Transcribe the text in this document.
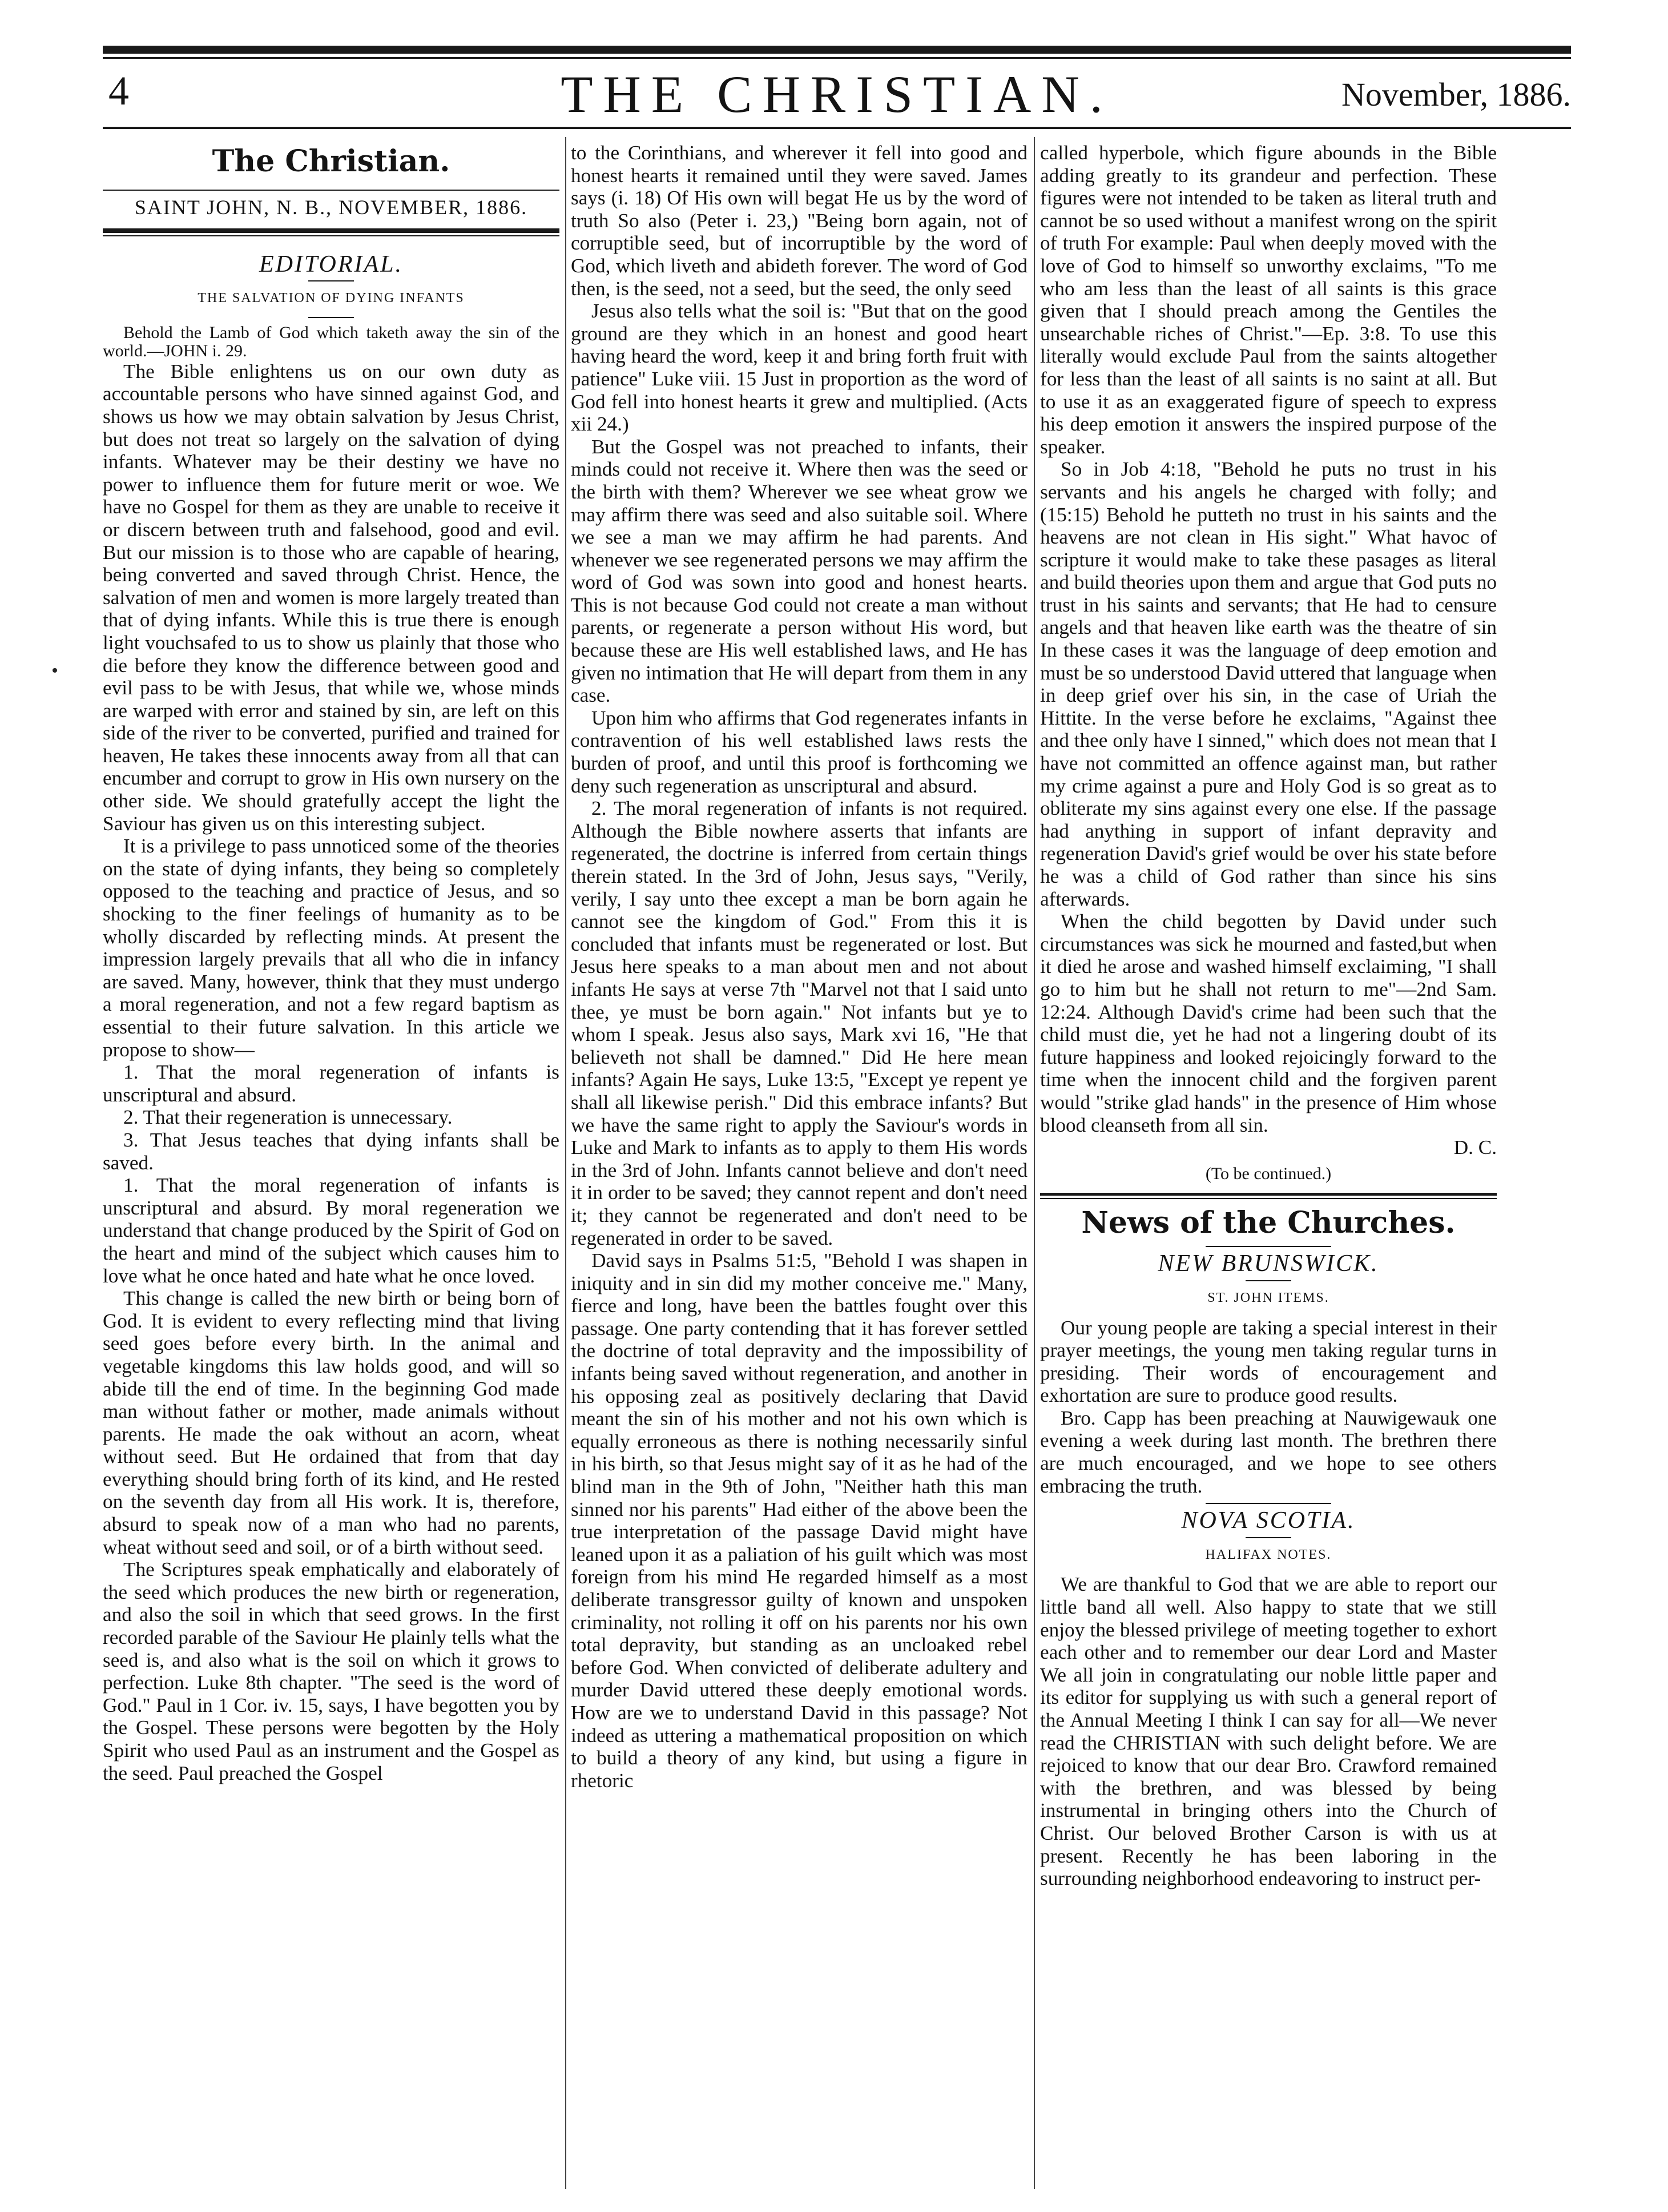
4	THE CHRISTIAN.	November, 1886.
The Christian.
SAINT JOHN, N. B., NOVEMBER, 1886.
EDITORIAL.
THE SALVATION OF DYING INFANTS

Behold the Lamb of God which taketh away the sin of the world.—JOHN i. 29.

The Bible enlightens us on our own duty as accountable persons who have sinned against God, and shows us how we may obtain salvation by Jesus Christ, but does not treat so largely on the salvation of dying infants. Whatever may be their destiny we have no power to influence them for future merit or woe. We have no Gospel for them as they are unable to receive it or discern between truth and falsehood, good and evil. But our mission is to those who are capable of hearing, being converted and saved through Christ. Hence, the salvation of men and women is more largely treated than that of dying infants. While this is true there is enough light vouchsafed to us to show us plainly that those who die before they know the difference between good and evil pass to be with Jesus, that while we, whose minds are warped with error and stained by sin, are left on this side of the river to be converted, purified and trained for heaven, He takes these innocents away from all that can encumber and corrupt to grow in His own nursery on the other side. We should gratefully accept the light the Saviour has given us on this interesting subject.

It is a privilege to pass unnoticed some of the theories on the state of dying infants, they being so completely opposed to the teaching and practice of Jesus, and so shocking to the finer feelings of humanity as to be wholly discarded by reflecting minds. At present the impression largely prevails that all who die in infancy are saved. Many, however, think that they must undergo a moral regeneration, and not a few regard baptism as essential to their future salvation. In this article we propose to show—

1. That the moral regeneration of infants is unscriptural and absurd.

2. That their regeneration is unnecessary.

3. That Jesus teaches that dying infants shall be saved.

1. That the moral regeneration of infants is unscriptural and absurd. By moral regeneration we understand that change produced by the Spirit of God on the heart and mind of the subject which causes him to love what he once hated and hate what he once loved.

This change is called the new birth or being born of God. It is evident to every reflecting mind that living seed goes before every birth. In the animal and vegetable kingdoms this law holds good, and will so abide till the end of time. In the beginning God made man without father or mother, made animals without parents. He made the oak without an acorn, wheat without seed. But He ordained that from that day everything should bring forth of its kind, and He rested on the seventh day from all His work. It is, therefore, absurd to speak now of a man who had no parents, wheat without seed and soil, or of a birth without seed.

The Scriptures speak emphatically and elaborately of the seed which produces the new birth or regeneration, and also the soil in which that seed grows. In the first recorded parable of the Saviour He plainly tells what the seed is, and also what is the soil on which it grows to perfection. Luke 8th chapter. "The seed is the word of God." Paul in 1 Cor. iv. 15, says, I have begotten you by the Gospel. These persons were begotten by the Holy Spirit who used Paul as an instrument and the Gospel as the seed. Paul preached the Gospel

to the Corinthians, and wherever it fell into good and honest hearts it remained until they were saved. James says (i. 18) Of His own will begat He us by the word of truth So also (Peter i. 23,) "Being born again, not of corruptible seed, but of incorruptible by the word of God, which liveth and abideth forever. The word of God then, is the seed, not a seed, but the seed, the only seed

Jesus also tells what the soil is: "But that on the good ground are they which in an honest and good heart having heard the word, keep it and bring forth fruit with patience" Luke viii. 15 Just in proportion as the word of God fell into honest hearts it grew and multiplied. (Acts xii 24.)

But the Gospel was not preached to infants, their minds could not receive it. Where then was the seed or the birth with them? Wherever we see wheat grow we may affirm there was seed and also suitable soil. Where we see a man we may affirm he had parents. And whenever we see regenerated persons we may affirm the word of God was sown into good and honest hearts. This is not because God could not create a man without parents, or regenerate a person without His word, but because these are His well established laws, and He has given no intimation that He will depart from them in any case.

Upon him who affirms that God regenerates infants in contravention of his well established laws rests the burden of proof, and until this proof is forthcoming we deny such regeneration as unscriptural and absurd.

2. The moral regeneration of infants is not required. Although the Bible nowhere asserts that infants are regenerated, the doctrine is inferred from certain things therein stated. In the 3rd of John, Jesus says, "Verily, verily, I say unto thee except a man be born again he cannot see the kingdom of God." From this it is concluded that infants must be regenerated or lost. But Jesus here speaks to a man about men and not about infants He says at verse 7th "Marvel not that I said unto thee, ye must be born again." Not infants but ye to whom I speak. Jesus also says, Mark xvi 16, "He that believeth not shall be damned." Did He here mean infants? Again He says, Luke 13:5, "Except ye repent ye shall all likewise perish." Did this embrace infants? But we have the same right to apply the Saviour's words in Luke and Mark to infants as to apply to them His words in the 3rd of John. Infants cannot believe and don't need it in order to be saved; they cannot repent and don't need it; they cannot be regenerated and don't need to be regenerated in order to be saved.

David says in Psalms 51:5, "Behold I was shapen in iniquity and in sin did my mother conceive me." Many, fierce and long, have been the battles fought over this passage. One party contending that it has forever settled the doctrine of total depravity and the impossibility of infants being saved without regeneration, and another in his opposing zeal as positively declaring that David meant the sin of his mother and not his own which is equally erroneous as there is nothing necessarily sinful in his birth, so that Jesus might say of it as he had of the blind man in the 9th of John, "Neither hath this man sinned nor his parents" Had either of the above been the true interpretation of the passage David might have leaned upon it as a paliation of his guilt which was most foreign from his mind He regarded himself as a most deliberate transgressor guilty of known and unspoken criminality, not rolling it off on his parents nor his own total depravity, but standing as an uncloaked rebel before God. When convicted of deliberate adultery and murder David uttered these deeply emotional words. How are we to understand David in this passage? Not indeed as uttering a mathematical proposition on which to build a theory of any kind, but using a figure in rhetoric

called hyperbole, which figure abounds in the Bible adding greatly to its grandeur and perfection. These figures were not intended to be taken as literal truth and cannot be so used without a manifest wrong on the spirit of truth For example: Paul when deeply moved with the love of God to himself so unworthy exclaims, "To me who am less than the least of all saints is this grace given that I should preach among the Gentiles the unsearchable riches of Christ."—Ep. 3:8. To use this literally would exclude Paul from the saints altogether for less than the least of all saints is no saint at all. But to use it as an exaggerated figure of speech to express his deep emotion it answers the inspired purpose of the speaker.

So in Job 4:18, "Behold he puts no trust in his servants and his angels he charged with folly; and (15:15) Behold he putteth no trust in his saints and the heavens are not clean in His sight." What havoc of scripture it would make to take these pasages as literal and build theories upon them and argue that God puts no trust in his saints and servants; that He had to censure angels and that heaven like earth was the theatre of sin In these cases it was the language of deep emotion and must be so understood David uttered that language when in deep grief over his sin, in the case of Uriah the Hittite. In the verse before he exclaims, "Against thee and thee only have I sinned," which does not mean that I have not committed an offence against man, but rather my crime against a pure and Holy God is so great as to obliterate my sins against every one else. If the passage had anything in support of infant depravity and regeneration David's grief would be over his state before he was a child of God rather than since his sins afterwards.

When the child begotten by David under such circumstances was sick he mourned and fasted,but when it died he arose and washed himself exclaiming, "I shall go to him but he shall not return to me"—2nd Sam. 12:24. Although David's crime had been such that the child must die, yet he had not a lingering doubt of its future happiness and looked rejoicingly forward to the time when the innocent child and the forgiven parent would "strike glad hands" in the presence of Him whose blood cleanseth from all sin.

D. C.
(To be continued.)
News of the Churches.
NEW BRUNSWICK.
ST. JOHN ITEMS.

Our young people are taking a special interest in their prayer meetings, the young men taking regular turns in presiding. Their words of encouragement and exhortation are sure to produce good results.

Bro. Capp has been preaching at Nauwigewauk one evening a week during last month. The brethren there are much encouraged, and we hope to see others embracing the truth.

NOVA SCOTIA.
HALIFAX NOTES.

We are thankful to God that we are able to report our little band all well. Also happy to state that we still enjoy the blessed privilege of meeting together to exhort each other and to remember our dear Lord and Master We all join in congratulating our noble little paper and its editor for supplying us with such a general report of the Annual Meeting I think I can say for all—We never read the CHRISTIAN with such delight before. We are rejoiced to know that our dear Bro. Crawford remained with the brethren, and was blessed by being instrumental in bringing others into the Church of Christ. Our beloved Brother Carson is with us at present. Recently he has been laboring in the surrounding neighborhood endeavoring to instruct per-
